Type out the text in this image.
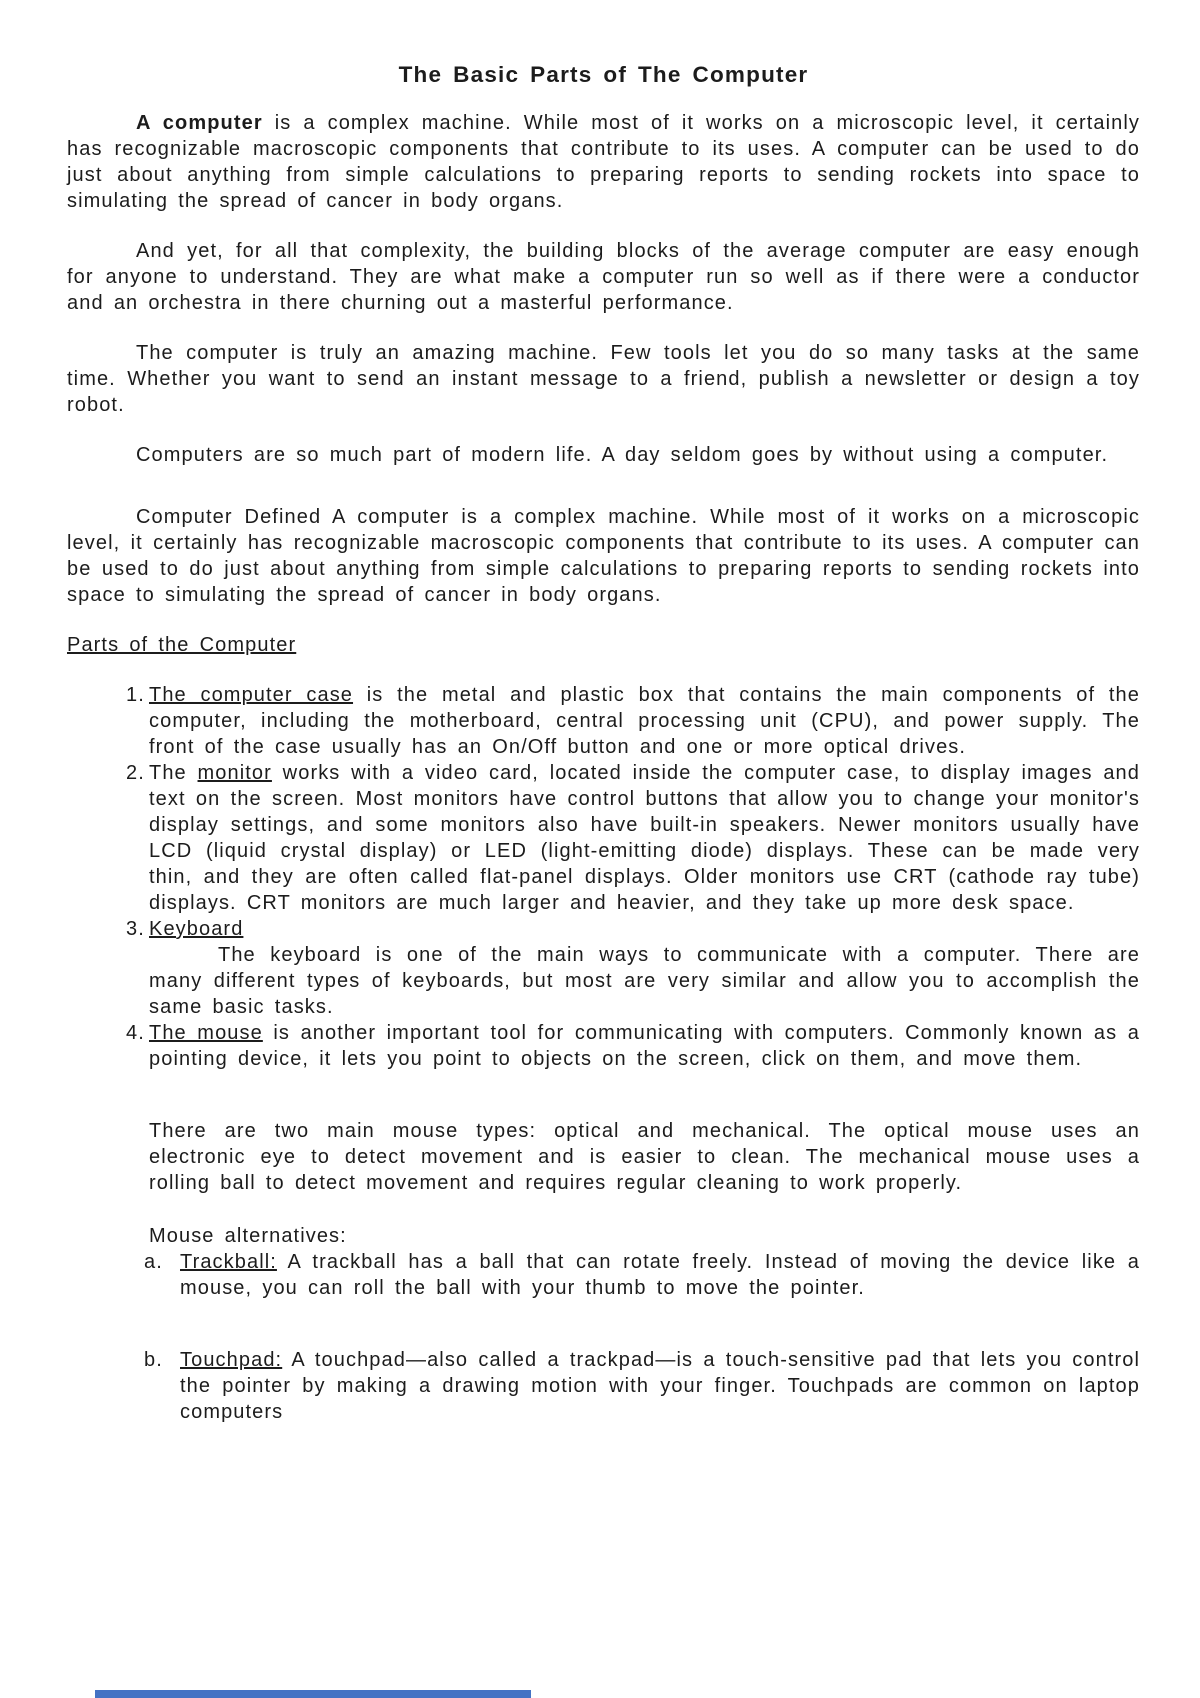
The Basic Parts of The Computer

A computer is a complex machine. While most of it works on a microscopic level, it certainly has recognizable macroscopic components that contribute to its uses. A computer can be used to do just about anything from simple calculations to preparing reports to sending rockets into space to simulating the spread of cancer in body organs.

And yet, for all that complexity, the building blocks of the average computer are easy enough for anyone to understand. They are what make a computer run so well as if there were a conductor and an orchestra in there churning out a masterful performance.

The computer is truly an amazing machine. Few tools let you do so many tasks at the same time. Whether you want to send an instant message to a friend, publish a newsletter or design a toy robot.

Computers are so much part of modern life. A day seldom goes by without using a computer.

Computer Defined A computer is a complex machine. While most of it works on a microscopic level, it certainly has recognizable macroscopic components that contribute to its uses. A computer can be used to do just about anything from simple calculations to preparing reports to sending rockets into space to simulating the spread of cancer in body organs.

Parts of the Computer

1. The computer case is the metal and plastic box that contains the main components of the computer, including the motherboard, central processing unit (CPU), and power supply. The front of the case usually has an On/Off button and one or more optical drives.
2. The monitor works with a video card, located inside the computer case, to display images and text on the screen. Most monitors have control buttons that allow you to change your monitor's display settings, and some monitors also have built-in speakers. Newer monitors usually have LCD (liquid crystal display) or LED (light-emitting diode) displays. These can be made very thin, and they are often called flat-panel displays. Older monitors use CRT (cathode ray tube) displays. CRT monitors are much larger and heavier, and they take up more desk space.
3. Keyboard
The keyboard is one of the main ways to communicate with a computer. There are many different types of keyboards, but most are very similar and allow you to accomplish the same basic tasks.
4. The mouse is another important tool for communicating with computers. Commonly known as a pointing device, it lets you point to objects on the screen, click on them, and move them.

There are two main mouse types: optical and mechanical. The optical mouse uses an electronic eye to detect movement and is easier to clean. The mechanical mouse uses a rolling ball to detect movement and requires regular cleaning to work properly.

Mouse alternatives:

a. Trackball: A trackball has a ball that can rotate freely. Instead of moving the device like a mouse, you can roll the ball with your thumb to move the pointer.
b. Touchpad: A touchpad—also called a trackpad—is a touch-sensitive pad that lets you control the pointer by making a drawing motion with your finger. Touchpads are common on laptop computers
